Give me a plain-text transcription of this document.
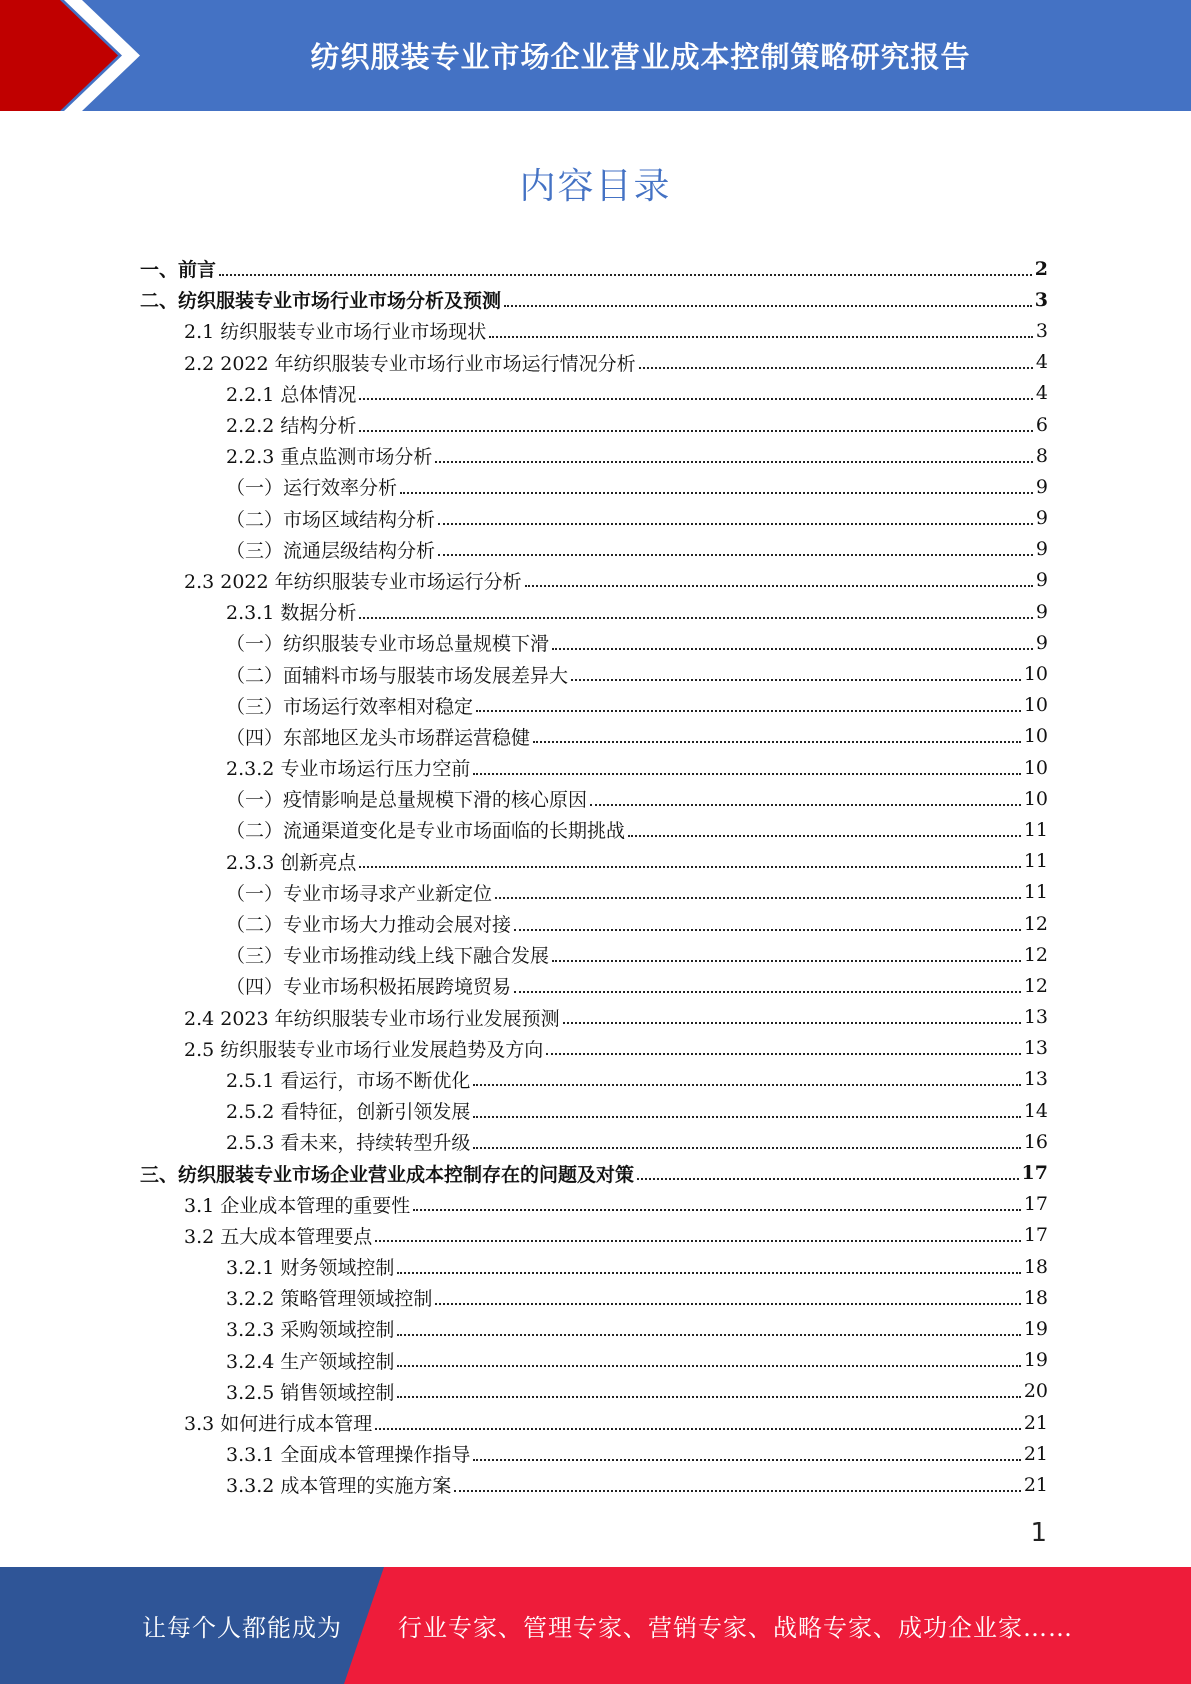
纺织服装专业市场企业营业成本控制策略研究报告
内容目录
一、前言	2
二、纺织服装专业市场行业市场分析及预测	3
2.1 纺织服装专业市场行业市场现状	3
2.2 2022 年纺织服装专业市场行业市场运行情况分析	4
2.2.1 总体情况	4
2.2.2 结构分析	6
2.2.3 重点监测市场分析	8
（一）运行效率分析	9
（二）市场区域结构分析	9
（三）流通层级结构分析	9
2.3 2022 年纺织服装专业市场运行分析	9
2.3.1 数据分析	9
（一）纺织服装专业市场总量规模下滑	9
（二）面辅料市场与服装市场发展差异大	10
（三）市场运行效率相对稳定	10
（四）东部地区龙头市场群运营稳健	10
2.3.2 专业市场运行压力空前	10
（一）疫情影响是总量规模下滑的核心原因	10
（二）流通渠道变化是专业市场面临的长期挑战	11
2.3.3 创新亮点	11
（一）专业市场寻求产业新定位	11
（二）专业市场大力推动会展对接	12
（三）专业市场推动线上线下融合发展	12
（四）专业市场积极拓展跨境贸易	12
2.4 2023 年纺织服装专业市场行业发展预测	13
2.5 纺织服装专业市场行业发展趋势及方向	13
2.5.1 看运行，市场不断优化	13
2.5.2 看特征，创新引领发展	14
2.5.3 看未来，持续转型升级	16
三、纺织服装专业市场企业营业成本控制存在的问题及对策	17
3.1 企业成本管理的重要性	17
3.2 五大成本管理要点	17
3.2.1 财务领域控制	18
3.2.2 策略管理领域控制	18
3.2.3 采购领域控制	19
3.2.4 生产领域控制	19
3.2.5 销售领域控制	20
3.3 如何进行成本管理	21
3.3.1 全面成本管理操作指导	21
3.3.2 成本管理的实施方案	21
1
让每个人都能成为 行业专家、管理专家、营销专家、战略专家、成功企业家……
